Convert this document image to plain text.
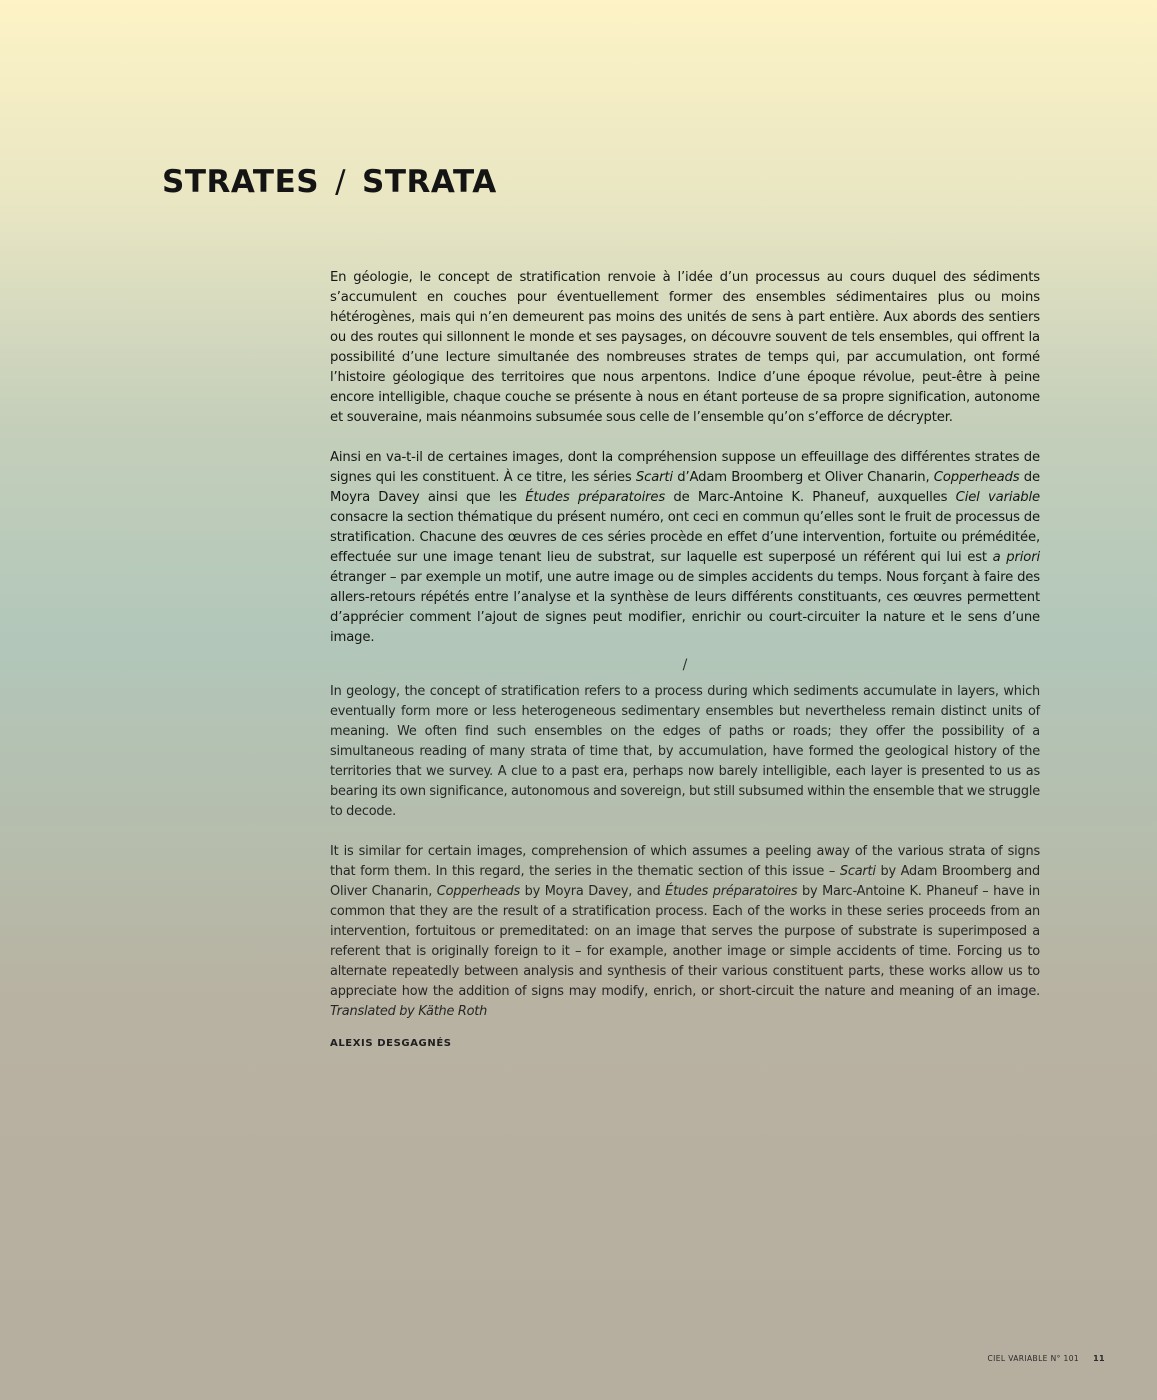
STRATES / STRATA

En géologie, le concept de stratification renvoie à l’idée d’un processus au cours duquel des sédiments s’accumulent en couches pour éventuellement former des ensembles sédimentaires plus ou moins hétérogènes, mais qui n’en demeurent pas moins des unités de sens à part entière. Aux abords des sentiers ou des routes qui sillonnent le monde et ses paysages, on découvre souvent de tels ensembles, qui offrent la possibilité d’une lecture simultanée des nombreuses strates de temps qui, par accumulation, ont formé l’histoire géologique des territoires que nous arpentons. Indice d’une époque révolue, peut-être à peine encore intelligible, chaque couche se présente à nous en étant porteuse de sa propre signification, autonome et souveraine, mais néanmoins subsumée sous celle de l’ensemble qu’on s’efforce de décrypter.

Ainsi en va-t-il de certaines images, dont la compréhension suppose un effeuillage des différentes strates de signes qui les constituent. À ce titre, les séries Scarti d’Adam Broomberg et Oliver Chanarin, Copperheads de Moyra Davey ainsi que les Études préparatoires de Marc-Antoine K. Phaneuf, auxquelles Ciel variable consacre la section thématique du présent numéro, ont ceci en commun qu’elles sont le fruit de processus de stratification. Chacune des œuvres de ces séries procède en effet d’une intervention, fortuite ou préméditée, effectuée sur une image tenant lieu de substrat, sur laquelle est superposé un référent qui lui est a priori étranger – par exemple un motif, une autre image ou de simples accidents du temps. Nous forçant à faire des allers-retours répétés entre l’analyse et la synthèse de leurs différents constituants, ces œuvres permettent d’apprécier comment l’ajout de signes peut modifier, enrichir ou court-circuiter la nature et le sens d’une image.

/

In geology, the concept of stratification refers to a process during which sediments accumulate in layers, which eventually form more or less heterogeneous sedimentary ensembles but nevertheless remain distinct units of meaning. We often find such ensembles on the edges of paths or roads; they offer the possibility of a simultaneous reading of many strata of time that, by accumulation, have formed the geological history of the territories that we survey. A clue to a past era, perhaps now barely intelligible, each layer is presented to us as bearing its own significance, autonomous and sovereign, but still subsumed within the ensemble that we struggle to decode.

It is similar for certain images, comprehension of which assumes a peeling away of the various strata of signs that form them. In this regard, the series in the thematic section of this issue – Scarti by Adam Broomberg and Oliver Chanarin, Copperheads by Moyra Davey, and Études préparatoires by Marc-Antoine K. Phaneuf – have in common that they are the result of a stratification process. Each of the works in these series proceeds from an intervention, fortuitous or premeditated: on an image that serves the purpose of substrate is superimposed a referent that is originally foreign to it – for example, another image or simple accidents of time. Forcing us to alternate repeatedly between analysis and synthesis of their various constituent parts, these works allow us to appreciate how the addition of signs may modify, enrich, or short-circuit the nature and meaning of an image. Translated by Käthe Roth

ALEXIS DESGAGNÉS
CIEL VARIABLE N° 101 11
